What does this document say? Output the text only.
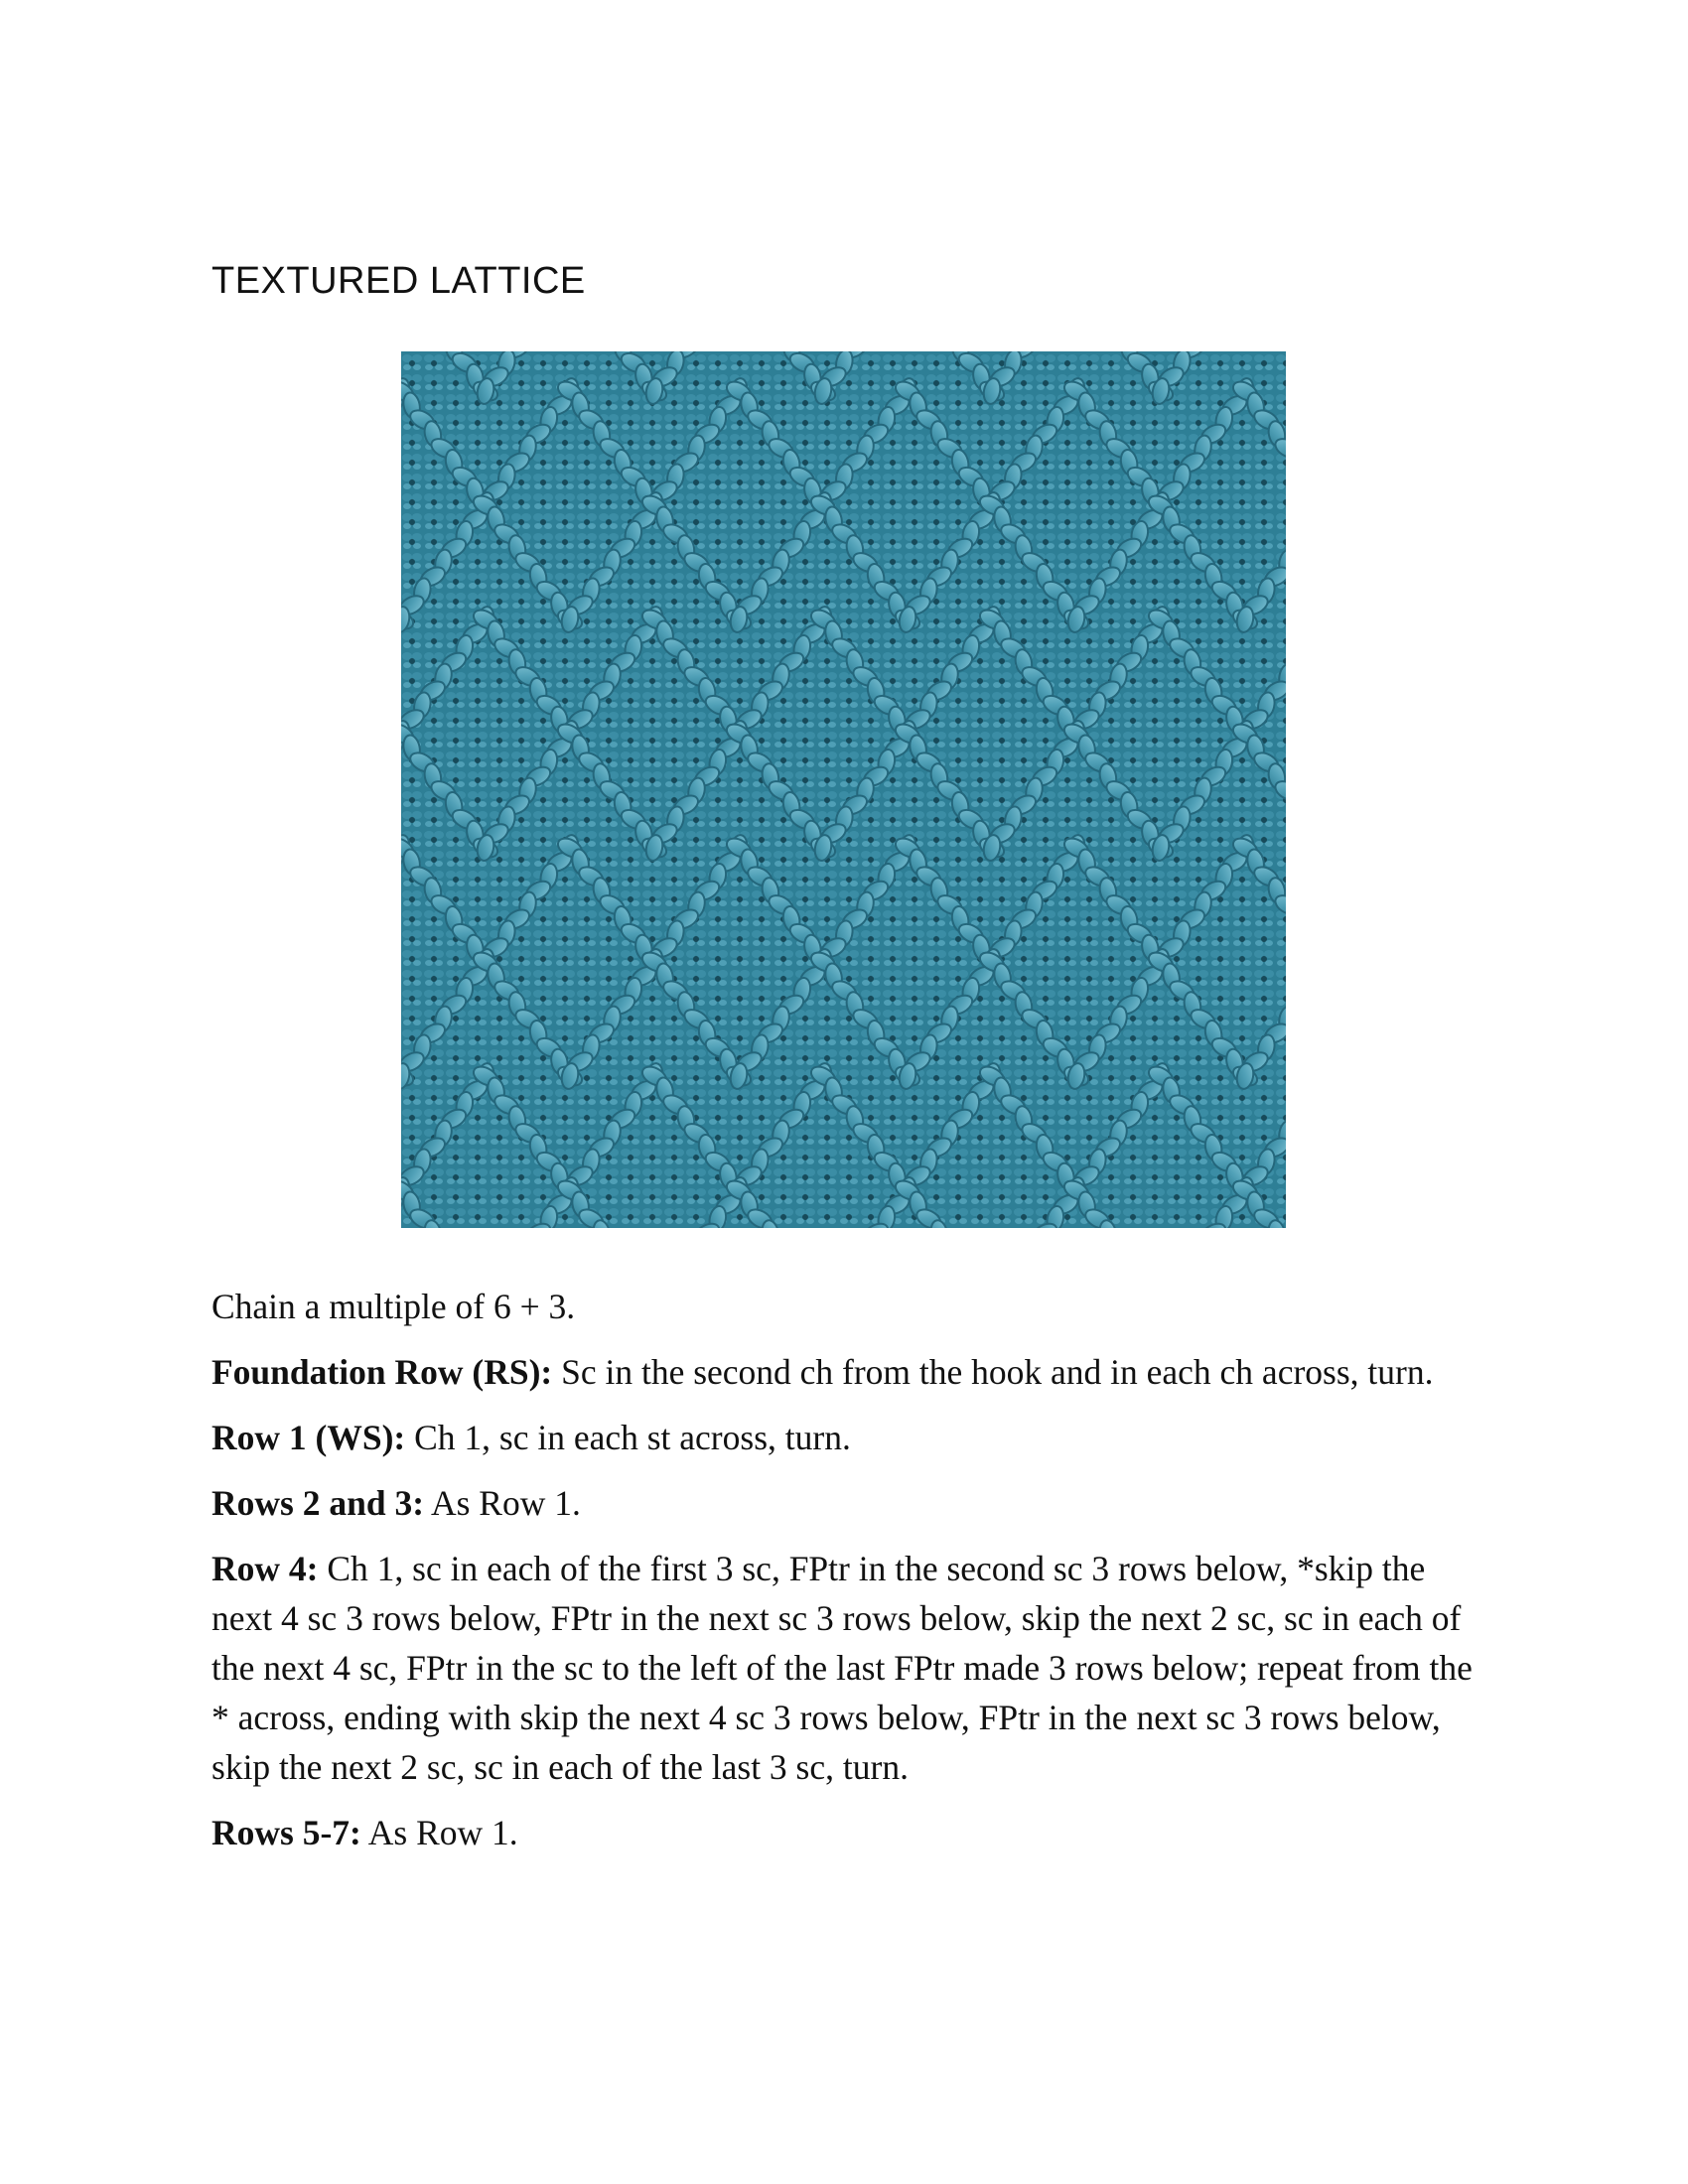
TEXTURED LATTICE

Chain a multiple of 6 + 3.

Foundation Row (RS): Sc in the second ch from the hook and in each ch across, turn.

Row 1 (WS): Ch 1, sc in each st across, turn.

Rows 2 and 3: As Row 1.

Row 4: Ch 1, sc in each of the first 3 sc, FPtr in the second sc 3 rows below, *skip the next 4 sc 3 rows below, FPtr in the next sc 3 rows below, skip the next 2 sc, sc in each of the next 4 sc, FPtr in the sc to the left of the last FPtr made 3 rows below; repeat from the * across, ending with skip the next 4 sc 3 rows below, FPtr in the next sc 3 rows below, skip the next 2 sc, sc in each of the last 3 sc, turn.

Rows 5-7: As Row 1.
